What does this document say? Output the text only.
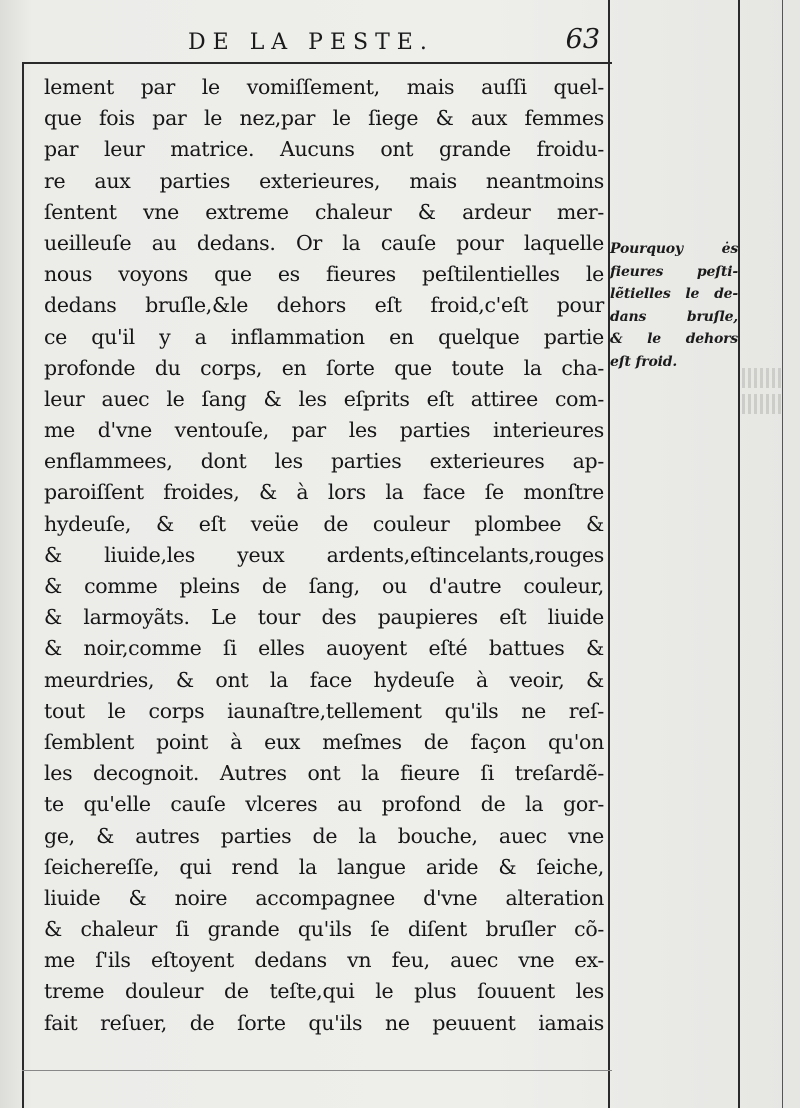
DE LA PESTE.	63
lement par le vomiſſement, mais auſſi quel-
que fois par le nez,par le ſiege & aux femmes
par leur matrice. Aucuns ont grande froidu-
re aux parties exterieures, mais neantmoins
ſentent vne extreme chaleur & ardeur mer-
ueilleuſe au dedans. Or la cauſe pour laquelle
nous voyons que es fieures peſtilentielles le
dedans bruſle,&le dehors eſt froid,c'eſt pour
ce qu'il y a inflammation en quelque partie
profonde du corps, en ſorte que toute la cha-
leur auec le ſang & les eſprits eſt attiree com-
me d'vne ventouſe, par les parties interieures
enflammees, dont les parties exterieures ap-
paroiſſent froides, & à lors la face ſe monſtre
hydeuſe, & eſt veüe de couleur plombee &
& liuide,les yeux ardents,eſtincelants,rouges
& comme pleins de ſang, ou d'autre couleur,
& larmoyãts. Le tour des paupieres eſt liuide
& noir,comme ſi elles auoyent eſté battues &
meurdries, & ont la face hydeuſe à veoir, &
tout le corps iaunaſtre,tellement qu'ils ne reſ-
ſemblent point à eux meſmes de façon qu'on
les decognoit. Autres ont la fieure ſi treſardẽ-
te qu'elle cauſe vlceres au profond de la gor-
ge, & autres parties de la bouche, auec vne
ſeichereſſe, qui rend la langue aride & ſeiche,
liuide & noire accompagnee d'vne alteration
& chaleur ſi grande qu'ils ſe diſent bruſler cõ-
me ſ'ils eſtoyent dedans vn feu, auec vne ex-
treme douleur de teſte,qui le plus ſouuent les
fait reſuer, de ſorte qu'ils ne peuuent iamais
Pourquoy ės
fieures peſti-
lẽtielles le de-
dans bruſle,
& le dehors
eſt froid.
